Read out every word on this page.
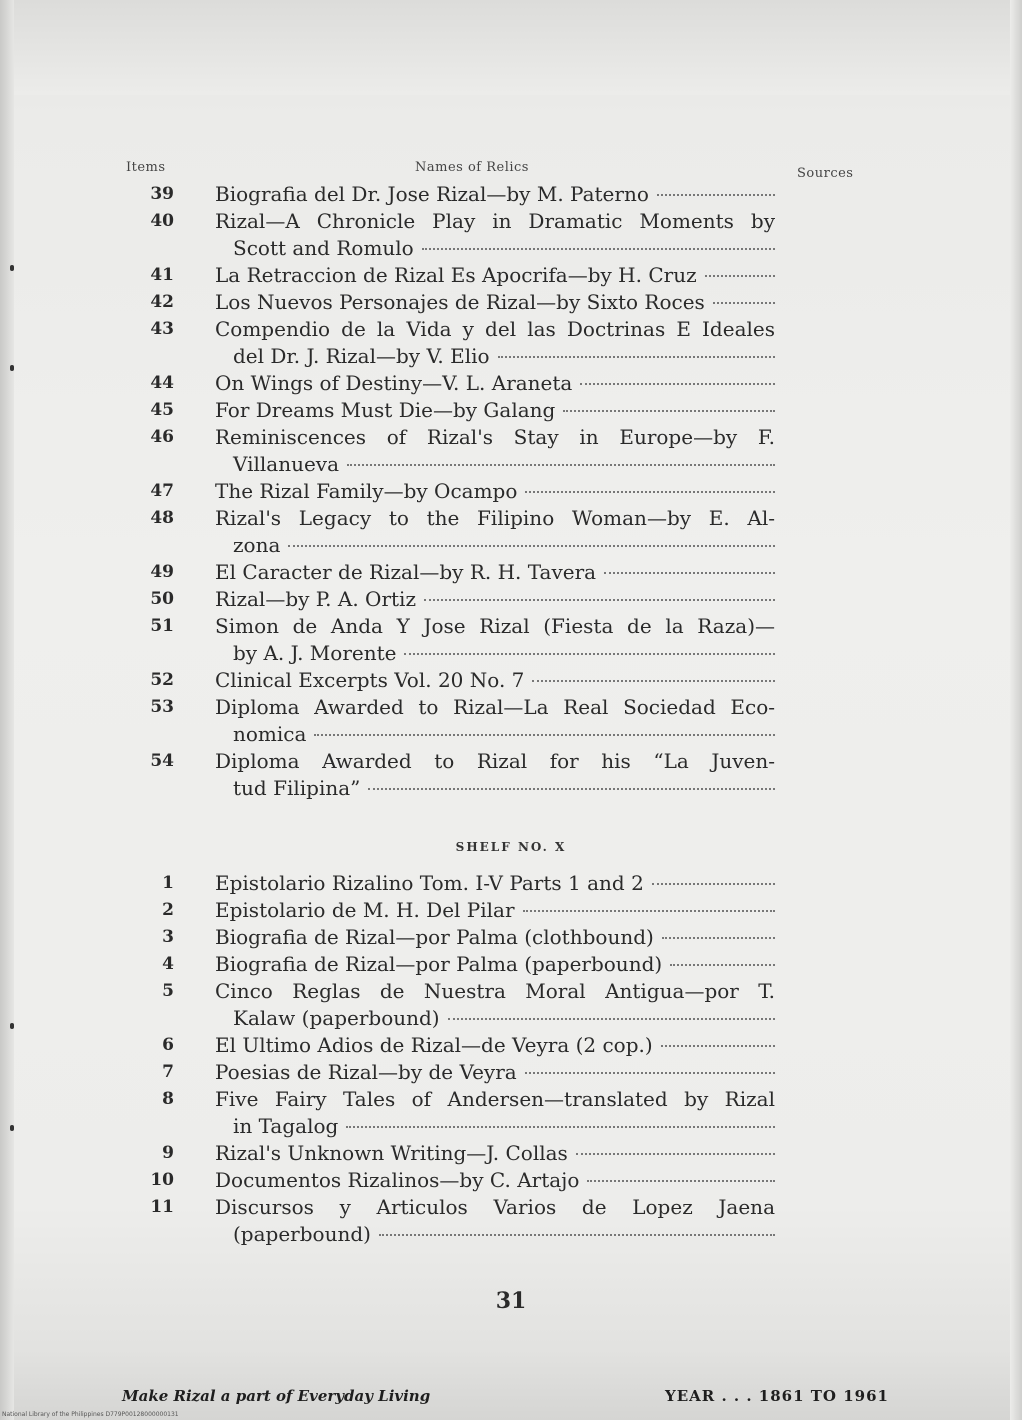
Items	Names of Relics	Sources
39 Biografia del Dr. Jose Rizal—by M. Paterno
40 Rizal—A Chronicle Play in Dramatic Moments by
Scott and Romulo
41 La Retraccion de Rizal Es Apocrifa—by H. Cruz
42 Los Nuevos Personajes de Rizal—by Sixto Roces
43 Compendio de la Vida y del las Doctrinas E Ideales
del Dr. J. Rizal—by V. Elio
44 On Wings of Destiny—V. L. Araneta
45 For Dreams Must Die—by Galang
46 Reminiscences of Rizal's Stay in Europe—by F.
Villanueva
47 The Rizal Family—by Ocampo
48 Rizal's Legacy to the Filipino Woman—by E. Al-
zona
49 El Caracter de Rizal—by R. H. Tavera
50 Rizal—by P. A. Ortiz
51 Simon de Anda Y Jose Rizal (Fiesta de la Raza)—
by A. J. Morente
52 Clinical Excerpts Vol. 20 No. 7
53 Diploma Awarded to Rizal—La Real Sociedad Eco-
nomica
54 Diploma Awarded to Rizal for his “La Juven-
tud Filipina”
SHELF NO. X
1 Epistolario Rizalino Tom. I-V Parts 1 and 2
2 Epistolario de M. H. Del Pilar
3 Biografia de Rizal—por Palma (clothbound)
4 Biografia de Rizal—por Palma (paperbound)
5 Cinco Reglas de Nuestra Moral Antigua—por T.
Kalaw (paperbound)
6 El Ultimo Adios de Rizal—de Veyra (2 cop.)
7 Poesias de Rizal—by de Veyra
8 Five Fairy Tales of Andersen—translated by Rizal
in Tagalog
9 Rizal's Unknown Writing—J. Collas
10 Documentos Rizalinos—by C. Artajo
11 Discursos y Articulos Varios de Lopez Jaena
(paperbound)
31
Make Rizal a part of Everyday Living	YEAR . . . 1861 TO 1961
National Library of the Philippines D779P00128000000131
